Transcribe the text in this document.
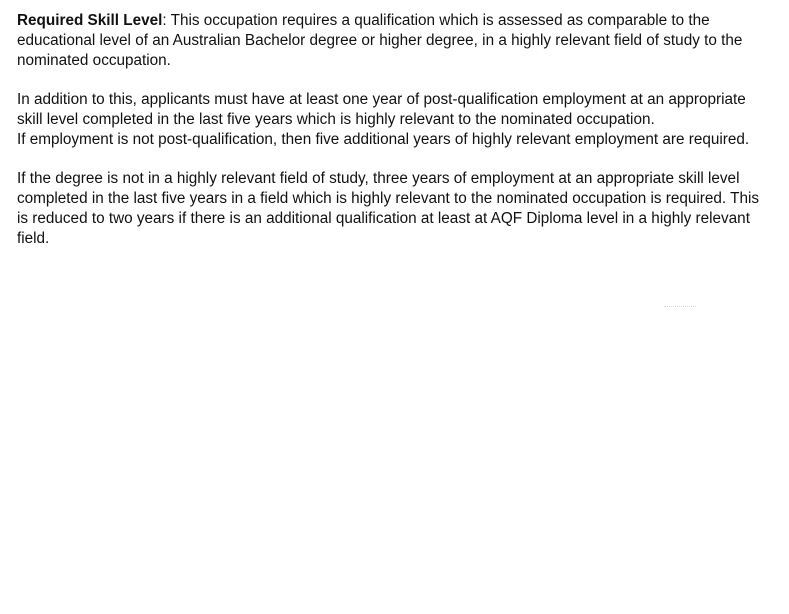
Required Skill Level: This occupation requires a qualification which is assessed as comparable to the educational level of an Australian Bachelor degree or higher degree, in a highly relevant field of study to the nominated occupation.

In addition to this, applicants must have at least one year of post-qualification employment at an appropriate skill level completed in the last five years which is highly relevant to the nominated occupation.

If employment is not post-qualification, then five additional years of highly relevant employment are required.

If the degree is not in a highly relevant field of study, three years of employment at an appropriate skill level completed in the last five years in a field which is highly relevant to the nominated occupation is required. This is reduced to two years if there is an additional qualification at least at AQF Diploma level in a highly relevant field.
